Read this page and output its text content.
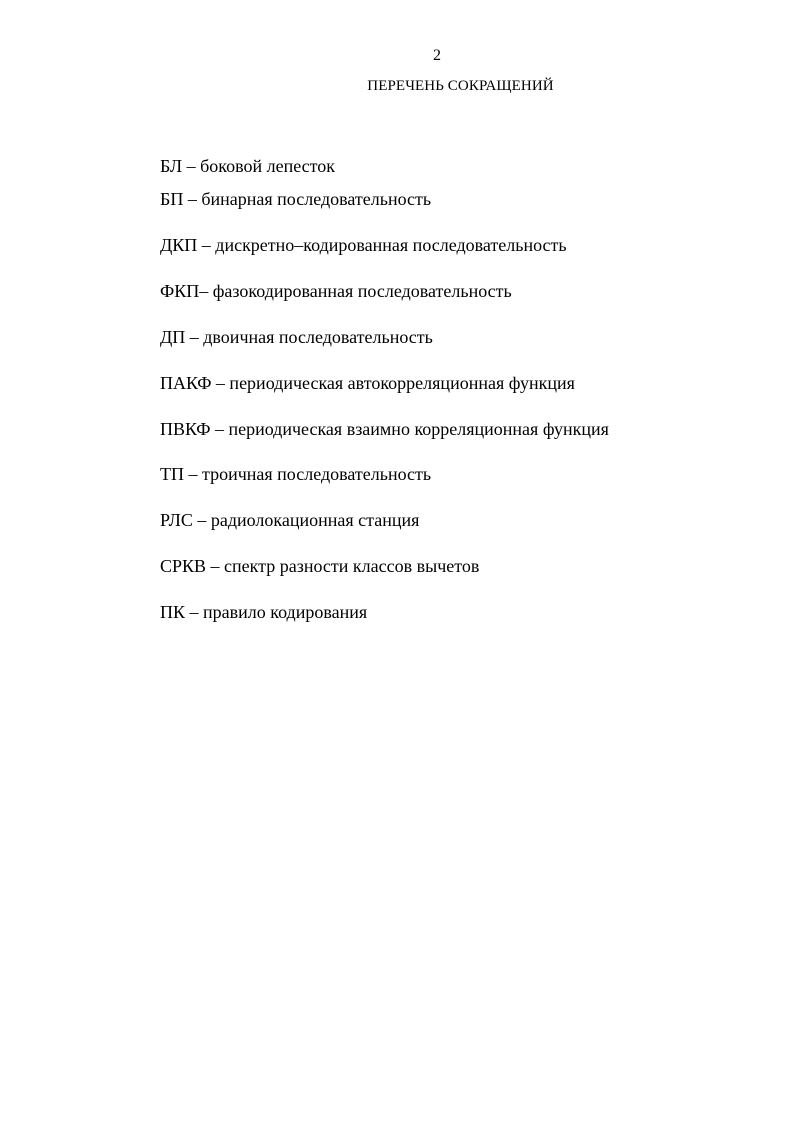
2
ПЕРЕЧЕНЬ СОКРАЩЕНИЙ
БЛ – боковой лепесток
БП – бинарная последовательность
ДКП – дискретно–кодированная последовательность
ФКП– фазокодированная последовательность
ДП – двоичная последовательность
ПАКФ – периодическая автокорреляционная функция
ПВКФ – периодическая взаимно корреляционная функция
ТП – троичная последовательность
РЛС – радиолокационная станция
СРКВ – спектр разности классов вычетов
ПК – правило кодирования
